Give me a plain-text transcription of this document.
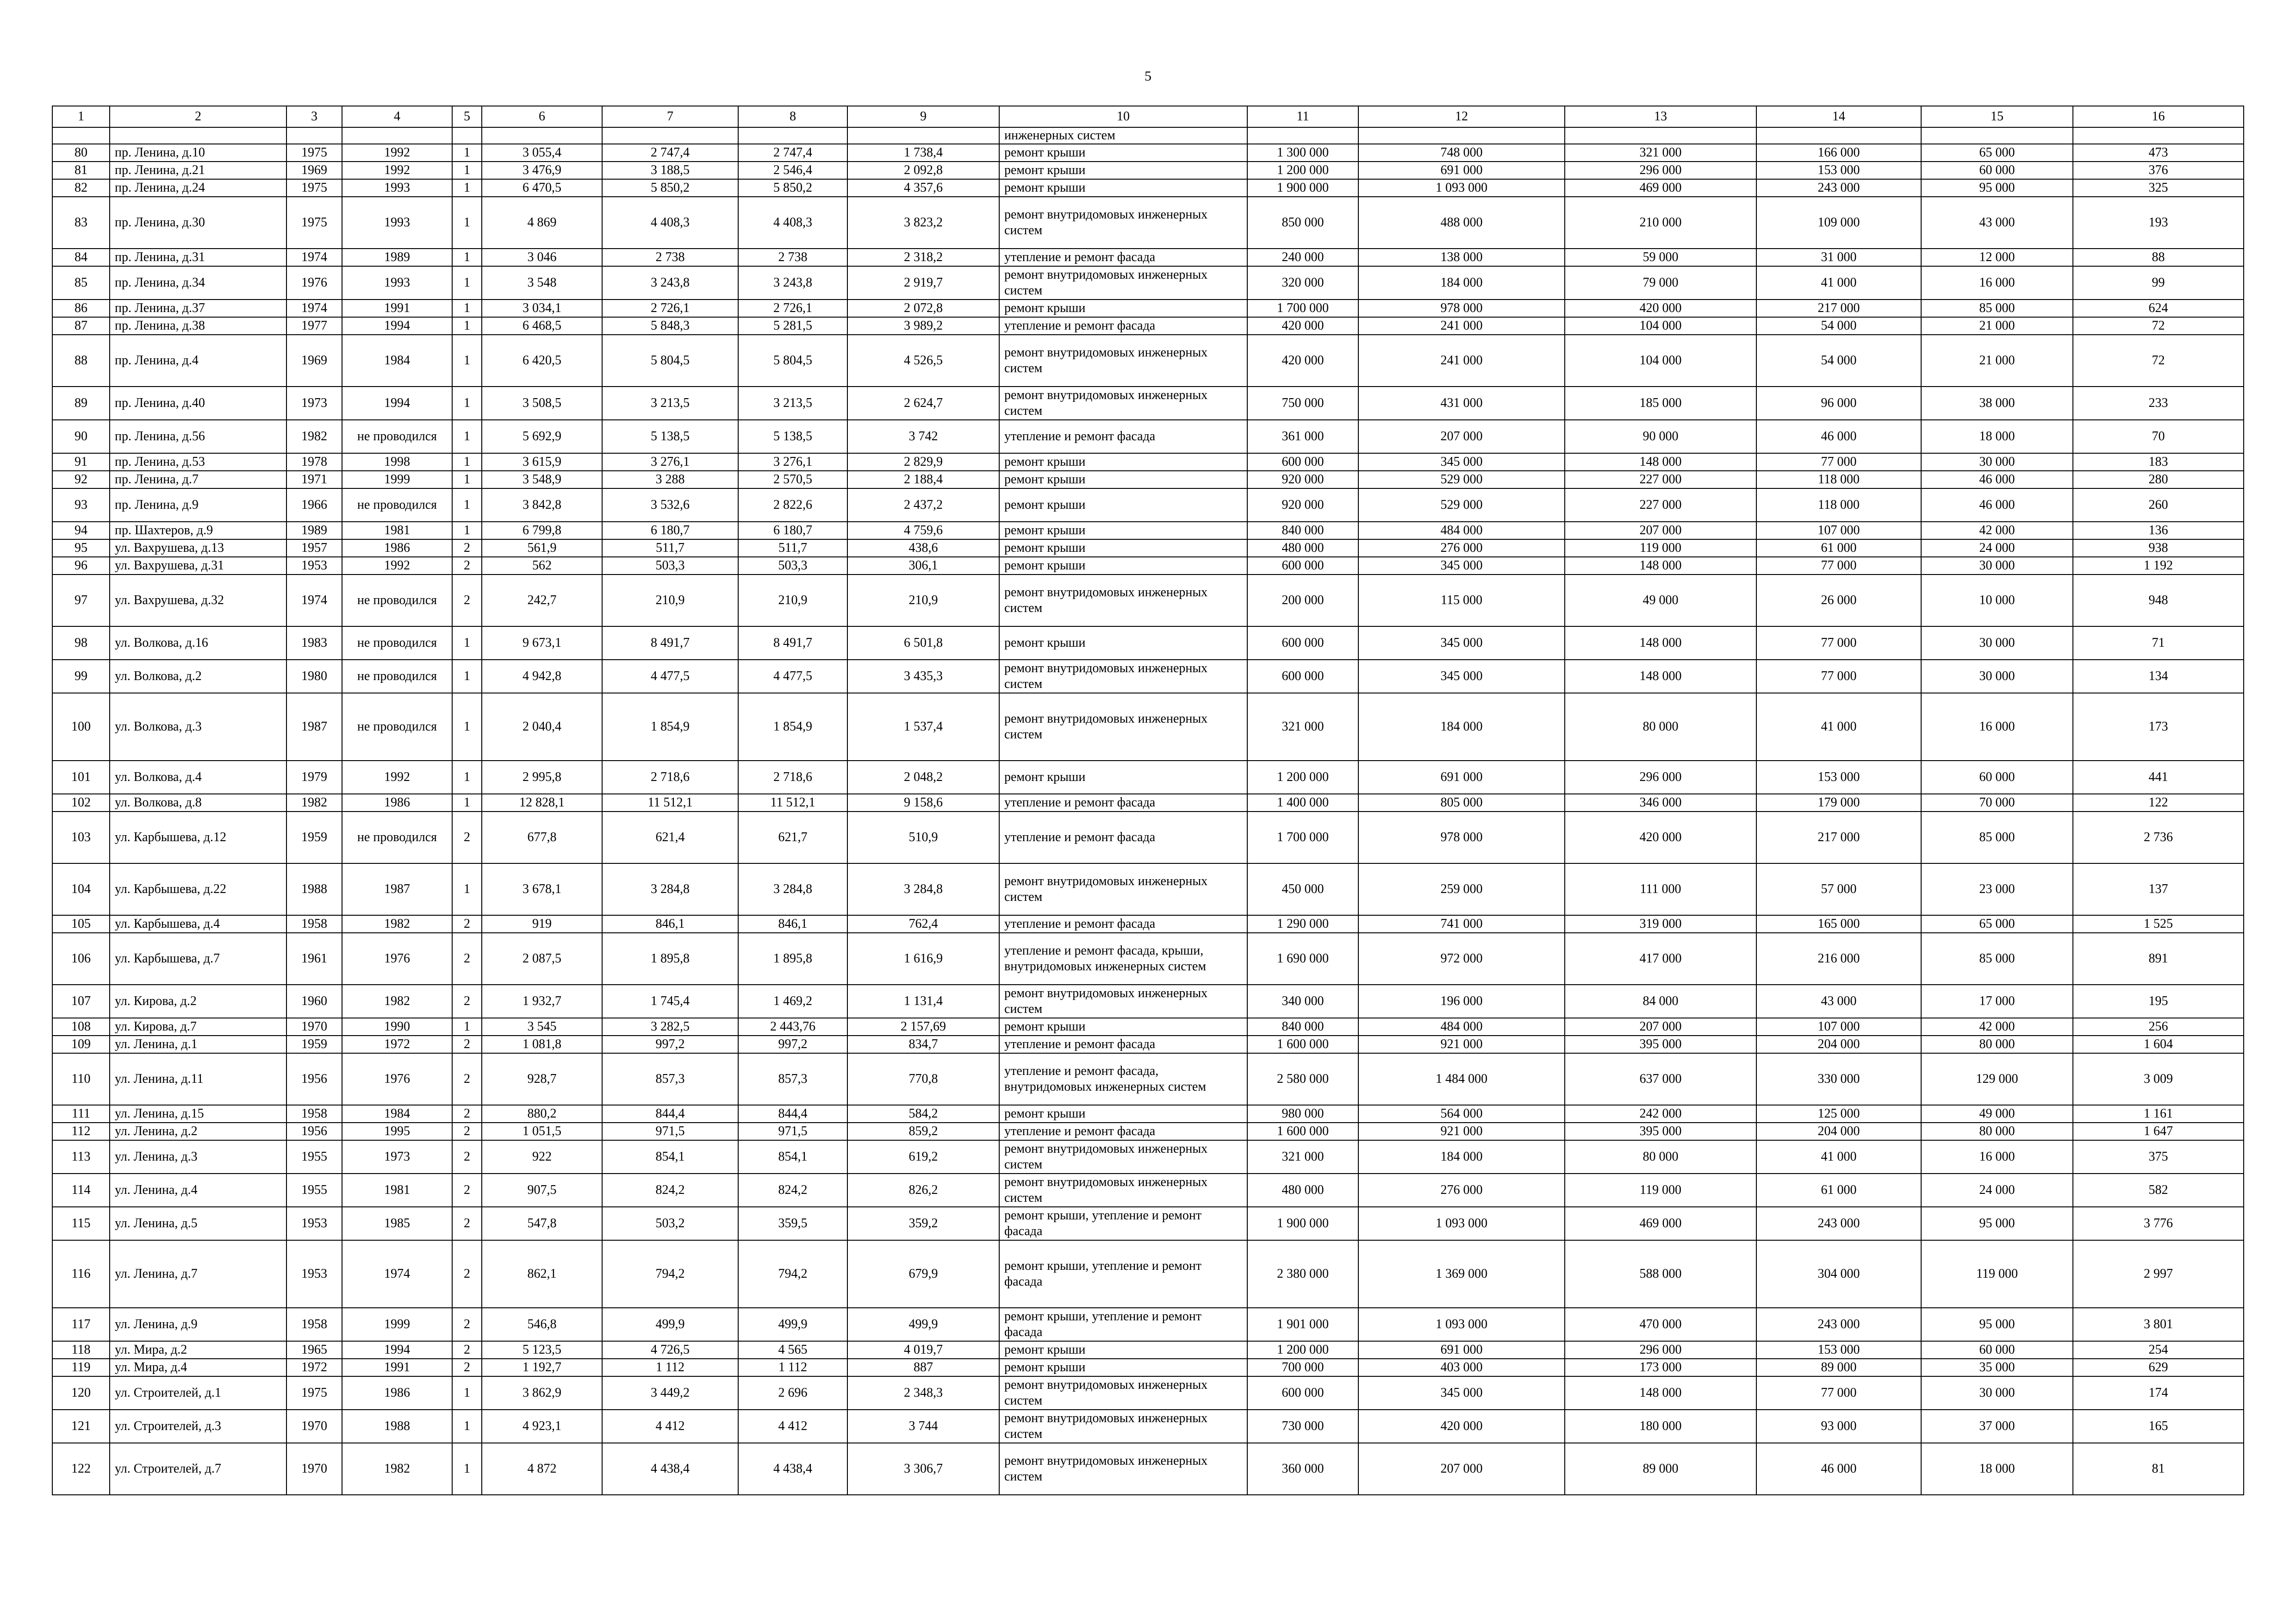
5
1	2	3	4	5	6	7	8	9	10	11	12	13	14	15	16
									инженерных систем						
80	пр. Ленина, д.10	1975	1992	1	3 055,4	2 747,4	2 747,4	1 738,4	ремонт крыши	1 300 000	748 000	321 000	166 000	65 000	473
81	пр. Ленина, д.21	1969	1992	1	3 476,9	3 188,5	2 546,4	2 092,8	ремонт крыши	1 200 000	691 000	296 000	153 000	60 000	376
82	пр. Ленина, д.24	1975	1993	1	6 470,5	5 850,2	5 850,2	4 357,6	ремонт крыши	1 900 000	1 093 000	469 000	243 000	95 000	325
83	пр. Ленина, д.30	1975	1993	1	4 869	4 408,3	4 408,3	3 823,2	ремонт внутридомовых инженерных систем	850 000	488 000	210 000	109 000	43 000	193
84	пр. Ленина, д.31	1974	1989	1	3 046	2 738	2 738	2 318,2	утепление и ремонт фасада	240 000	138 000	59 000	31 000	12 000	88
85	пр. Ленина, д.34	1976	1993	1	3 548	3 243,8	3 243,8	2 919,7	ремонт внутридомовых инженерных систем	320 000	184 000	79 000	41 000	16 000	99
86	пр. Ленина, д.37	1974	1991	1	3 034,1	2 726,1	2 726,1	2 072,8	ремонт крыши	1 700 000	978 000	420 000	217 000	85 000	624
87	пр. Ленина, д.38	1977	1994	1	6 468,5	5 848,3	5 281,5	3 989,2	утепление и ремонт фасада	420 000	241 000	104 000	54 000	21 000	72
88	пр. Ленина, д.4	1969	1984	1	6 420,5	5 804,5	5 804,5	4 526,5	ремонт внутридомовых инженерных систем	420 000	241 000	104 000	54 000	21 000	72
89	пр. Ленина, д.40	1973	1994	1	3 508,5	3 213,5	3 213,5	2 624,7	ремонт внутридомовых инженерных систем	750 000	431 000	185 000	96 000	38 000	233
90	пр. Ленина, д.56	1982	не проводился	1	5 692,9	5 138,5	5 138,5	3 742	утепление и ремонт фасада	361 000	207 000	90 000	46 000	18 000	70
91	пр. Ленина, д.53	1978	1998	1	3 615,9	3 276,1	3 276,1	2 829,9	ремонт крыши	600 000	345 000	148 000	77 000	30 000	183
92	пр. Ленина, д.7	1971	1999	1	3 548,9	3 288	2 570,5	2 188,4	ремонт крыши	920 000	529 000	227 000	118 000	46 000	280
93	пр. Ленина, д.9	1966	не проводился	1	3 842,8	3 532,6	2 822,6	2 437,2	ремонт крыши	920 000	529 000	227 000	118 000	46 000	260
94	пр. Шахтеров, д.9	1989	1981	1	6 799,8	6 180,7	6 180,7	4 759,6	ремонт крыши	840 000	484 000	207 000	107 000	42 000	136
95	ул. Вахрушева, д.13	1957	1986	2	561,9	511,7	511,7	438,6	ремонт крыши	480 000	276 000	119 000	61 000	24 000	938
96	ул. Вахрушева, д.31	1953	1992	2	562	503,3	503,3	306,1	ремонт крыши	600 000	345 000	148 000	77 000	30 000	1 192
97	ул. Вахрушева, д.32	1974	не проводился	2	242,7	210,9	210,9	210,9	ремонт внутридомовых инженерных систем	200 000	115 000	49 000	26 000	10 000	948
98	ул. Волкова, д.16	1983	не проводился	1	9 673,1	8 491,7	8 491,7	6 501,8	ремонт крыши	600 000	345 000	148 000	77 000	30 000	71
99	ул. Волкова, д.2	1980	не проводился	1	4 942,8	4 477,5	4 477,5	3 435,3	ремонт внутридомовых инженерных систем	600 000	345 000	148 000	77 000	30 000	134
100	ул. Волкова, д.3	1987	не проводился	1	2 040,4	1 854,9	1 854,9	1 537,4	ремонт внутридомовых инженерных систем	321 000	184 000	80 000	41 000	16 000	173
101	ул. Волкова, д.4	1979	1992	1	2 995,8	2 718,6	2 718,6	2 048,2	ремонт крыши	1 200 000	691 000	296 000	153 000	60 000	441
102	ул. Волкова, д.8	1982	1986	1	12 828,1	11 512,1	11 512,1	9 158,6	утепление и ремонт фасада	1 400 000	805 000	346 000	179 000	70 000	122
103	ул. Карбышева, д.12	1959	не проводился	2	677,8	621,4	621,7	510,9	утепление и ремонт фасада	1 700 000	978 000	420 000	217 000	85 000	2 736
104	ул. Карбышева, д.22	1988	1987	1	3 678,1	3 284,8	3 284,8	3 284,8	ремонт внутридомовых инженерных систем	450 000	259 000	111 000	57 000	23 000	137
105	ул. Карбышева, д.4	1958	1982	2	919	846,1	846,1	762,4	утепление и ремонт фасада	1 290 000	741 000	319 000	165 000	65 000	1 525
106	ул. Карбышева, д.7	1961	1976	2	2 087,5	1 895,8	1 895,8	1 616,9	утепление и ремонт фасада, крыши, внутридомовых инженерных систем	1 690 000	972 000	417 000	216 000	85 000	891
107	ул. Кирова, д.2	1960	1982	2	1 932,7	1 745,4	1 469,2	1 131,4	ремонт внутридомовых инженерных систем	340 000	196 000	84 000	43 000	17 000	195
108	ул. Кирова, д.7	1970	1990	1	3 545	3 282,5	2 443,76	2 157,69	ремонт крыши	840 000	484 000	207 000	107 000	42 000	256
109	ул. Ленина, д.1	1959	1972	2	1 081,8	997,2	997,2	834,7	утепление и ремонт фасада	1 600 000	921 000	395 000	204 000	80 000	1 604
110	ул. Ленина, д.11	1956	1976	2	928,7	857,3	857,3	770,8	утепление и ремонт фасада, внутридомовых инженерных систем	2 580 000	1 484 000	637 000	330 000	129 000	3 009
111	ул. Ленина, д.15	1958	1984	2	880,2	844,4	844,4	584,2	ремонт крыши	980 000	564 000	242 000	125 000	49 000	1 161
112	ул. Ленина, д.2	1956	1995	2	1 051,5	971,5	971,5	859,2	утепление и ремонт фасада	1 600 000	921 000	395 000	204 000	80 000	1 647
113	ул. Ленина, д.3	1955	1973	2	922	854,1	854,1	619,2	ремонт внутридомовых инженерных систем	321 000	184 000	80 000	41 000	16 000	375
114	ул. Ленина, д.4	1955	1981	2	907,5	824,2	824,2	826,2	ремонт внутридомовых инженерных систем	480 000	276 000	119 000	61 000	24 000	582
115	ул. Ленина, д.5	1953	1985	2	547,8	503,2	359,5	359,2	ремонт крыши, утепление и ремонт фасада	1 900 000	1 093 000	469 000	243 000	95 000	3 776
116	ул. Ленина, д.7	1953	1974	2	862,1	794,2	794,2	679,9	ремонт крыши, утепление и ремонт фасада	2 380 000	1 369 000	588 000	304 000	119 000	2 997
117	ул. Ленина, д.9	1958	1999	2	546,8	499,9	499,9	499,9	ремонт крыши, утепление и ремонт фасада	1 901 000	1 093 000	470 000	243 000	95 000	3 801
118	ул. Мира, д.2	1965	1994	2	5 123,5	4 726,5	4 565	4 019,7	ремонт крыши	1 200 000	691 000	296 000	153 000	60 000	254
119	ул. Мира, д.4	1972	1991	2	1 192,7	1 112	1 112	887	ремонт крыши	700 000	403 000	173 000	89 000	35 000	629
120	ул. Строителей, д.1	1975	1986	1	3 862,9	3 449,2	2 696	2 348,3	ремонт внутридомовых инженерных систем	600 000	345 000	148 000	77 000	30 000	174
121	ул. Строителей, д.3	1970	1988	1	4 923,1	4 412	4 412	3 744	ремонт внутридомовых инженерных систем	730 000	420 000	180 000	93 000	37 000	165
122	ул. Строителей, д.7	1970	1982	1	4 872	4 438,4	4 438,4	3 306,7	ремонт внутридомовых инженерных систем	360 000	207 000	89 000	46 000	18 000	81
